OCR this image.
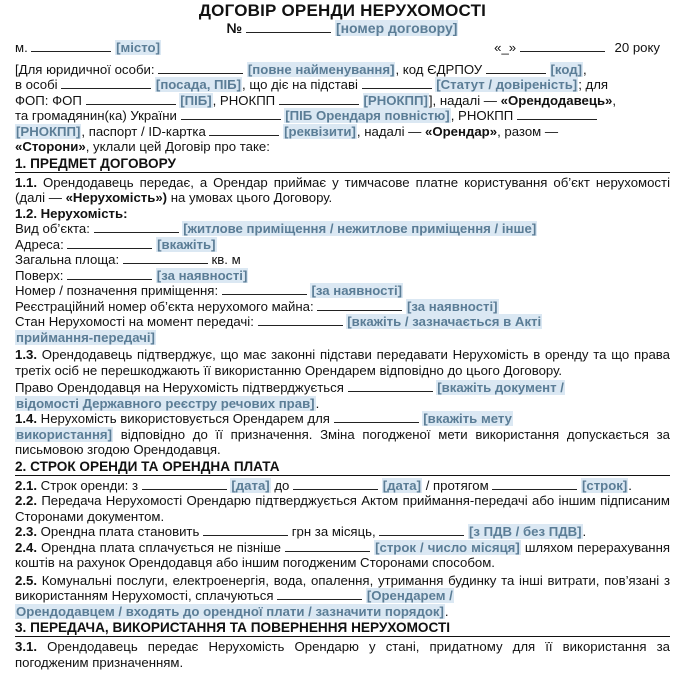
ДОГОВІР ОРЕНДИ НЕРУХОМОСТІ
№	[номер договору]
м.	[місто]	«_»	20 року
[Для юридичної особи:	[повне найменування], код ЄДРПОУ	[код],
в особі	[посада, ПІБ], що діє на підставі	[Статут / довіреність]; для
ФОП: ФОП	[ПІБ], РНОКПП	[РНОКПП]], надалі — «Орендодавець»,
та громадянин(ка) України	[ПІБ Орендаря повністю], РНОКПП
[РНОКПП], паспорт / ID-картка	[реквізити], надалі — «Орендар», разом —
«Сторони», уклали цей Договір про таке:
1. ПРЕДМЕТ ДОГОВОРУ
1.1. Орендодавець передає, а Орендар приймає у тимчасове платне користування об’єкт нерухомості (далі — «Нерухомість») на умовах цього Договору.
1.2. Нерухомість:
Вид об’єкта:	[житлове приміщення / нежитлове приміщення / інше]
Адреса:	[вкажіть]
Загальна площа:	кв. м
Поверх:	[за наявності]
Номер / позначення приміщення:	[за наявності]
Реєстраційний номер об’єкта нерухомого майна:	[за наявності]
Стан Нерухомості на момент передачі:	[вкажіть / зазначається в Акті
приймання-передачі]
1.3. Орендодавець підтверджує, що має законні підстави передавати Нерухомість в оренду та що права третіх осіб не перешкоджають її використанню Орендарем відповідно до цього Договору.
Право Орендодавця на Нерухомість підтверджується	[вкажіть документ /
відомості Державного реєстру речових прав].
1.4. Нерухомість використовується Орендарем для	[вкажіть мету
використання] відповідно до її призначення. Зміна погодженої мети використання допускається за письмовою згодою Орендодавця.
2. СТРОК ОРЕНДИ ТА ОРЕНДНА ПЛАТА
2.1. Строк оренди: з	[дата] до	[дата] / протягом	[строк].
2.2. Передача Нерухомості Орендарю підтверджується Актом приймання-передачі або іншим підписаним Сторонами документом.
2.3. Орендна плата становить	грн за місяць,	[з ПДВ / без ПДВ].
2.4. Орендна плата сплачується не пізніше	[строк / число місяця] шляхом перерахування коштів на рахунок Орендодавця або іншим погодженим Сторонами способом.
2.5. Комунальні послуги, електроенергія, вода, опалення, утримання будинку та інші витрати, пов’язані з використанням Нерухомості, сплачуються	[Орендарем /
Орендодавцем / входять до орендної плати / зазначити порядок].
3. ПЕРЕДАЧА, ВИКОРИСТАННЯ ТА ПОВЕРНЕННЯ НЕРУХОМОСТІ
3.1. Орендодавець передає Нерухомість Орендарю у стані, придатному для її використання за погодженим призначенням.
